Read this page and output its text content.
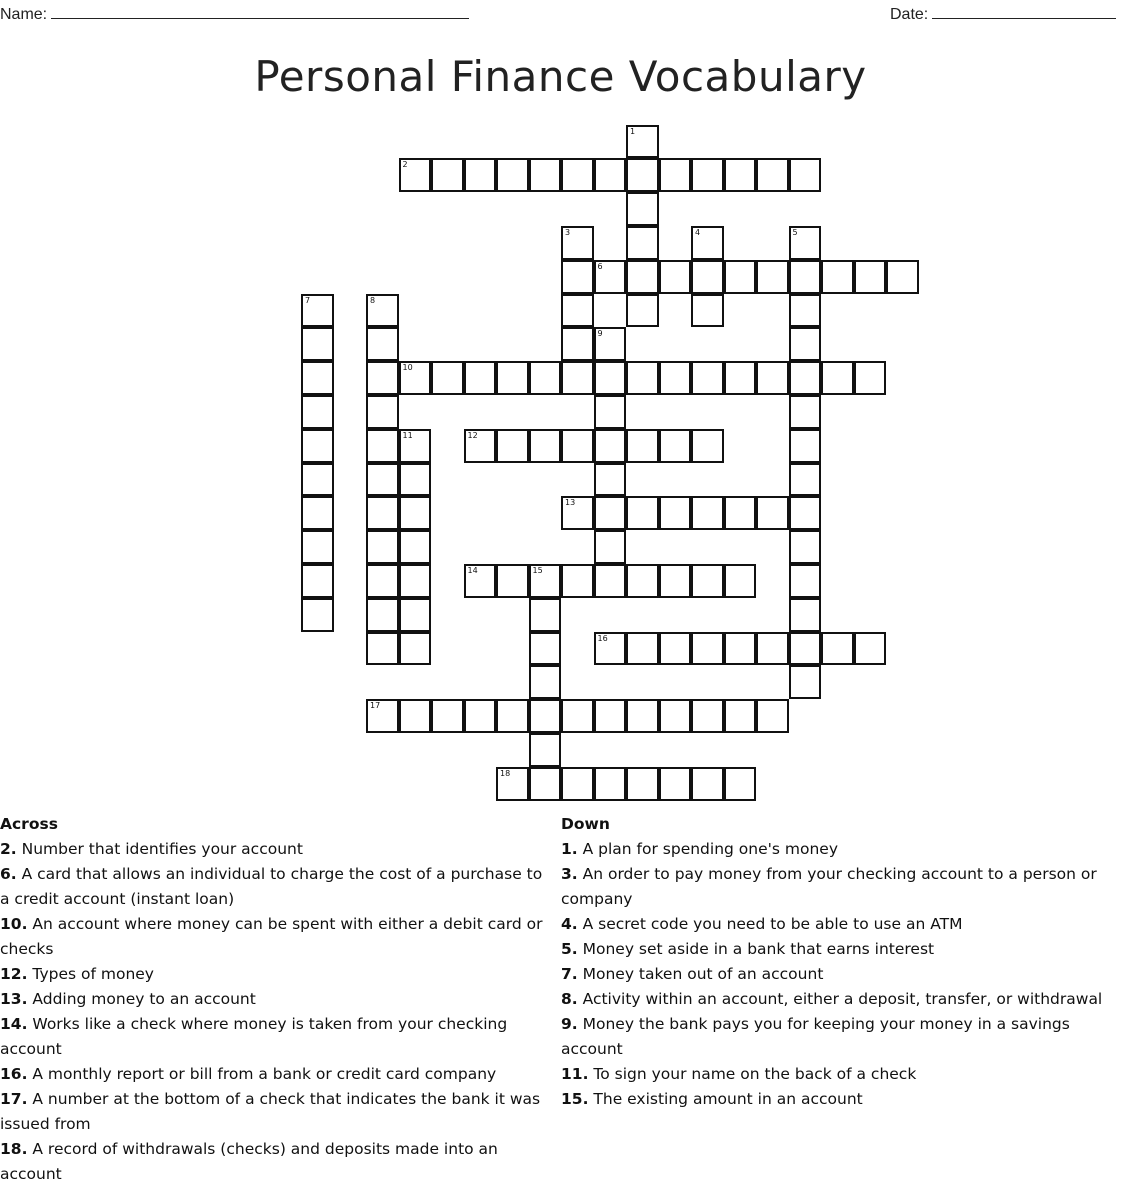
Name:	Date:
Personal Finance Vocabulary
1
2
3	4	5
6
7	8
9
10
11	12
13
14	15
16
17
18
Across
2. Number that identifies your account
6. A card that allows an individual to charge the cost of a purchase to a credit account (instant loan)
10. An account where money can be spent with either a debit card or checks
12. Types of money
13. Adding money to an account
14. Works like a check where money is taken from your checking account
16. A monthly report or bill from a bank or credit card company
17. A number at the bottom of a check that indicates the bank it was issued from
18. A record of withdrawals (checks) and deposits made into an account
Down
1. A plan for spending one's money
3. An order to pay money from your checking account to a person or company
4. A secret code you need to be able to use an ATM
5. Money set aside in a bank that earns interest
7. Money taken out of an account
8. Activity within an account, either a deposit, transfer, or withdrawal
9. Money the bank pays you for keeping your money in a savings account
11. To sign your name on the back of a check
15. The existing amount in an account
